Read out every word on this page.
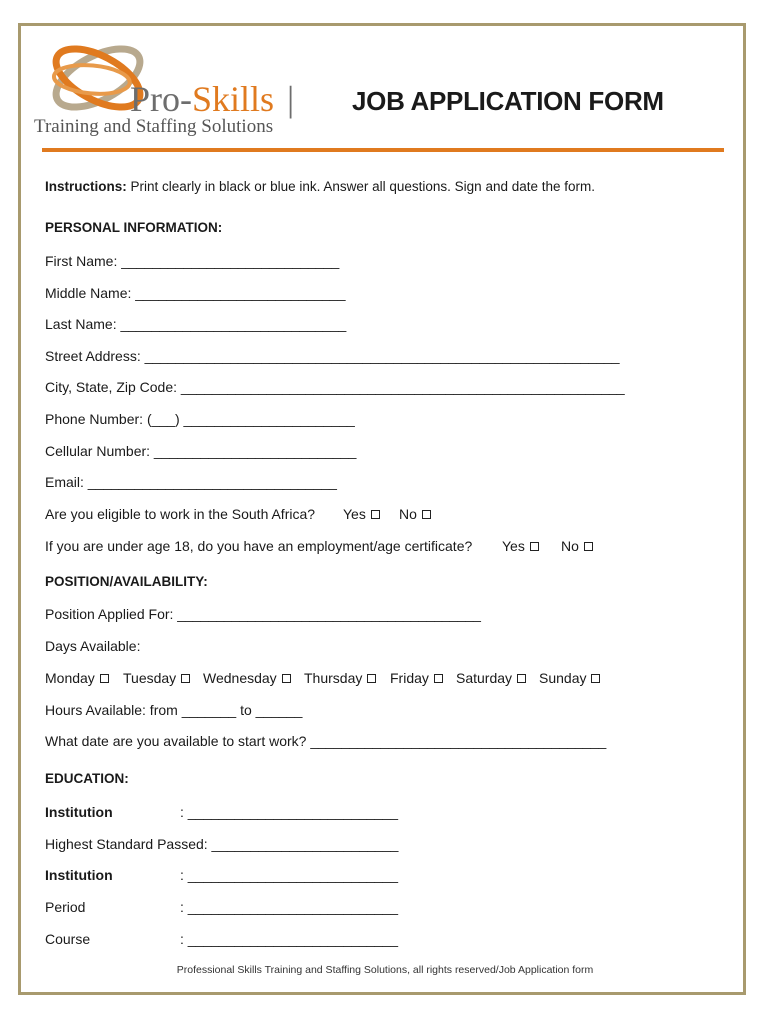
Pro-Skills |
Training and Staffing Solutions
JOB APPLICATION FORM
Instructions: Print clearly in black or blue ink. Answer all questions. Sign and date the form.
PERSONAL INFORMATION:
First Name: ____________________________
Middle Name: ___________________________
Last Name: _____________________________
Street Address: _____________________________________________________________
City, State, Zip Code: _________________________________________________________
Phone Number: (___) ______________________
Cellular Number: __________________________
Email: ________________________________
Are you eligible to work in the South Africa? Yes	No
If you are under age 18, do you have an employment/age certificate? Yes	No
POSITION/AVAILABILITY:
Position Applied For: _______________________________________
Days Available:
Monday	Tuesday	Wednesday	Thursday	Friday	Saturday	Sunday
Hours Available: from _______ to ______
What date are you available to start work? ______________________________________
EDUCATION:
Institution	: ___________________________
Highest Standard Passed: ________________________
Institution	: ___________________________
Period	: ___________________________
Course	: ___________________________
Professional Skills Training and Staffing Solutions, all rights reserved/Job Application form
